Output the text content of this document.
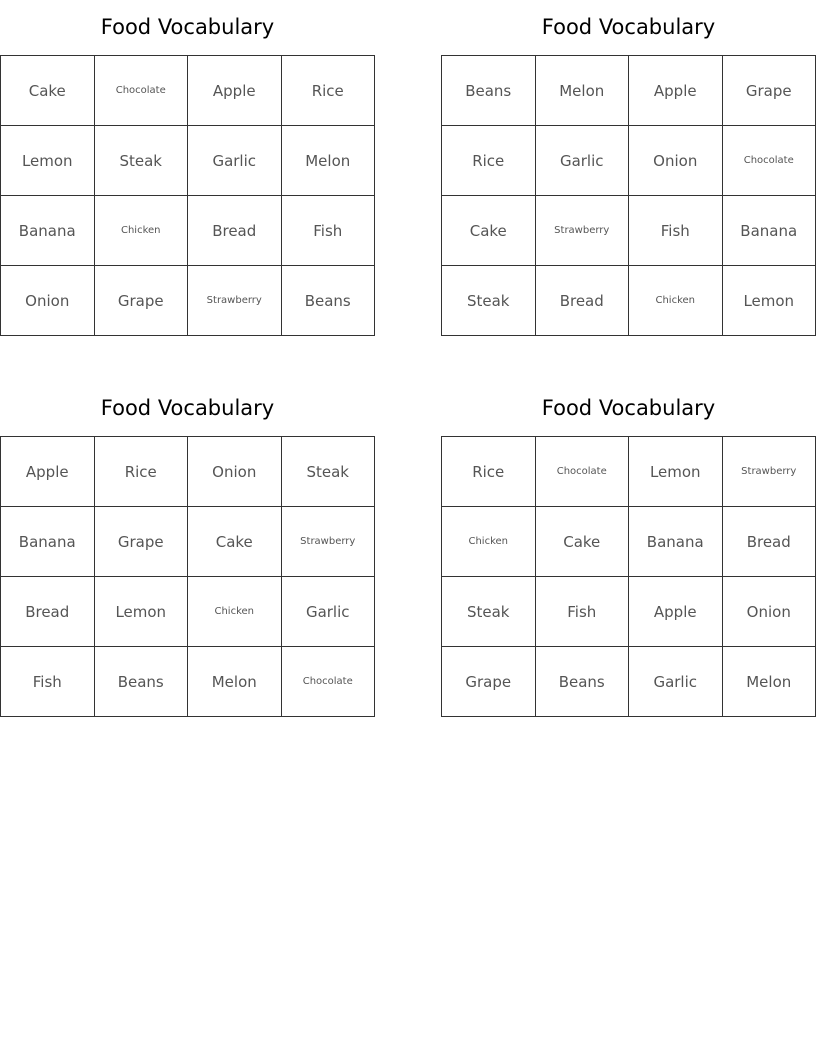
Food Vocabulary
Cake	Chocolate	Apple	Rice
Lemon	Steak	Garlic	Melon
Banana	Chicken	Bread	Fish
Onion	Grape	Strawberry	Beans
Food Vocabulary
Beans	Melon	Apple	Grape
Rice	Garlic	Onion	Chocolate
Cake	Strawberry	Fish	Banana
Steak	Bread	Chicken	Lemon
Food Vocabulary
Apple	Rice	Onion	Steak
Banana	Grape	Cake	Strawberry
Bread	Lemon	Chicken	Garlic
Fish	Beans	Melon	Chocolate
Food Vocabulary
Rice	Chocolate	Lemon	Strawberry
Chicken	Cake	Banana	Bread
Steak	Fish	Apple	Onion
Grape	Beans	Garlic	Melon
